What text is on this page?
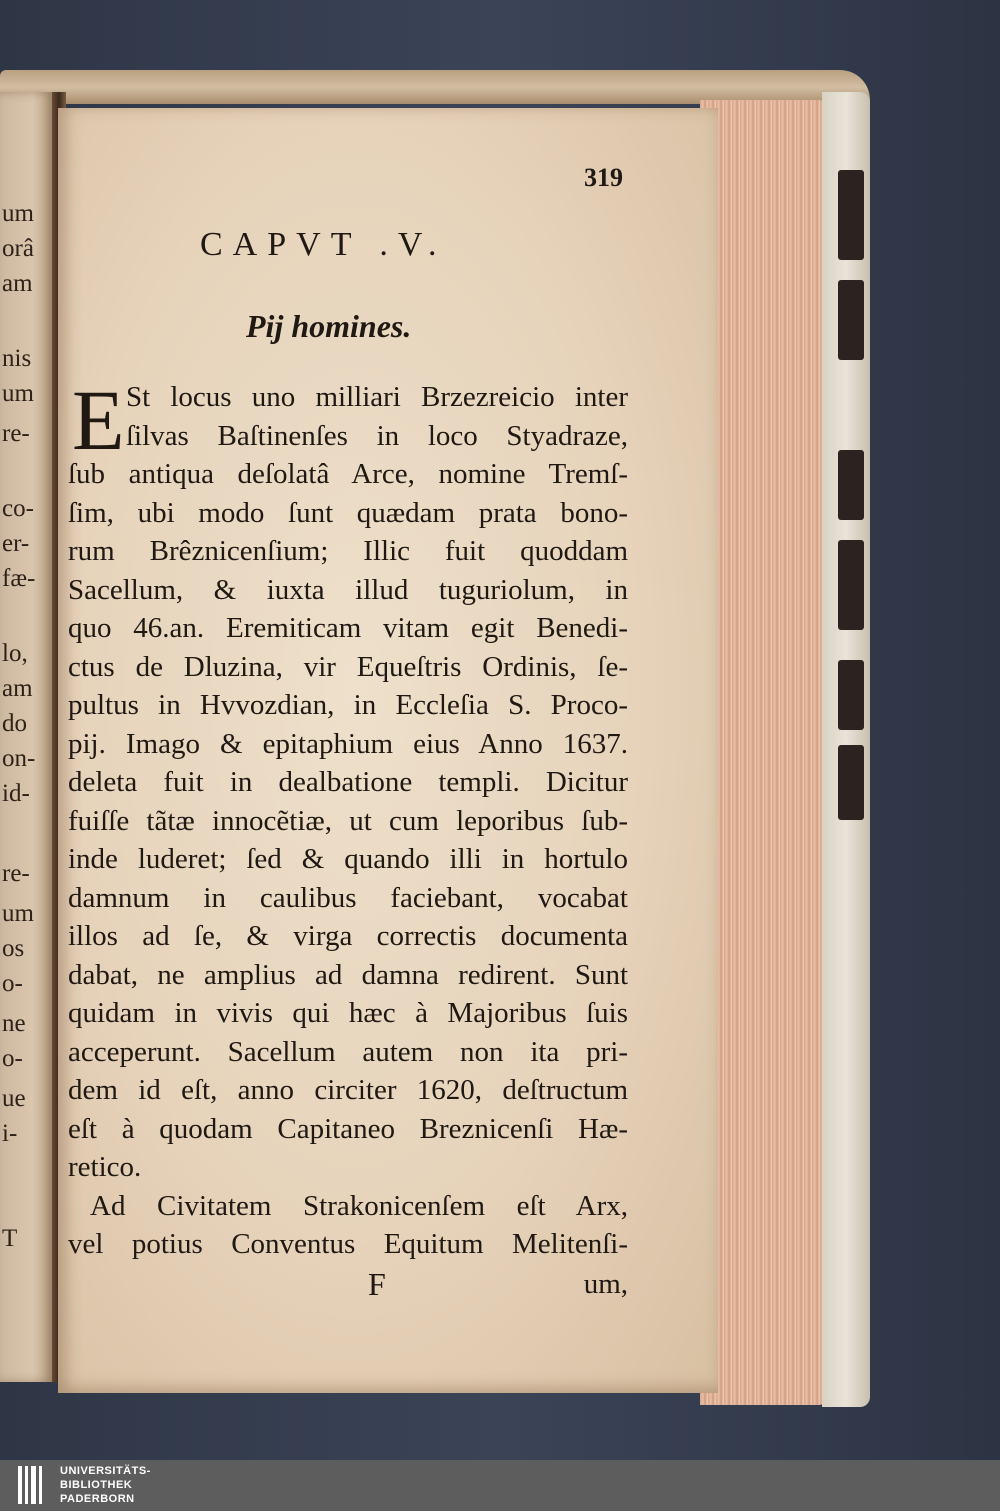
um
orâ
am
nis
um
re-
co-
er-
fæ-
lo,
am
do
on-
id-
re-
um
os
o-
ne
o-
ue
i-
T
319
CAPVT .V.
Pij homines.
E St locus uno milliari Brzezreicio inter
ſilvas Baſtinenſes in loco Styadraze,
ſub antiqua deſolatâ Arce, nomine Tremſ-
ſim, ubi modo ſunt quædam prata bono-
rum Brêznicenſium; Illic fuit quoddam
Sacellum, & iuxta illud tuguriolum, in
quo 46.an. Eremiticam vitam egit Benedi-
ctus de Dluzina, vir Equeſtris Ordinis, ſe-
pultus in Hvvozdian, in Eccleſia S. Proco-
pij. Imago & epitaphium eius Anno 1637.
deleta fuit in dealbatione templi. Dicitur
fuiſſe tãtæ innocẽtiæ, ut cum leporibus ſub-
inde luderet; ſed & quando illi in hortulo
damnum in caulibus faciebant, vocabat
illos ad ſe, & virga correctis documenta
dabat, ne amplius ad damna redirent. Sunt
quidam in vivis qui hæc à Majoribus ſuis
acceperunt. Sacellum autem non ita pri-
dem id eſt, anno circiter 1620, deſtructum
eſt à quodam Capitaneo Breznicenſi Hæ-
retico.
Ad Civitatem Strakonicenſem eſt Arx,
vel potius Conventus Equitum Melitenſi-
F	um,
UNIVERSITÄTS-
BIBLIOTHEK
PADERBORN
